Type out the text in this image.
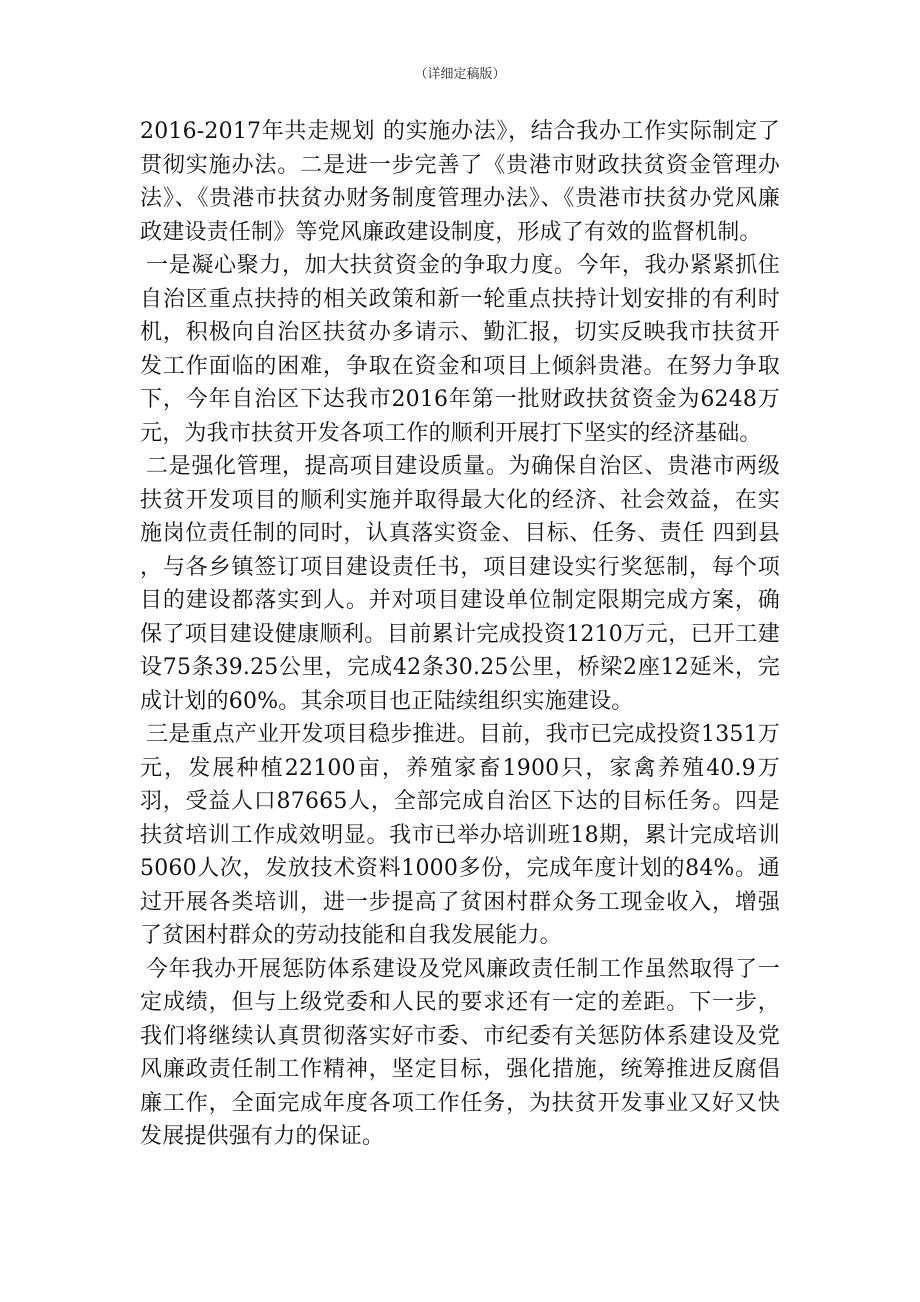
（详细定稿版）

2016-2017年共走规划 的实施办法》，结合我办工作实际制定了贯彻实施办法。二是进一步完善了《贵港市财政扶贫资金管理办法》、《贵港市扶贫办财务制度管理办法》、《贵港市扶贫办党风廉政建设责任制》等党风廉政建设制度，形成了有效的监督机制。

一是凝心聚力，加大扶贫资金的争取力度。今年，我办紧紧抓住自治区重点扶持的相关政策和新一轮重点扶持计划安排的有利时机，积极向自治区扶贫办多请示、勤汇报，切实反映我市扶贫开发工作面临的困难，争取在资金和项目上倾斜贵港。在努力争取下，今年自治区下达我市2016年第一批财政扶贫资金为6248万元，为我市扶贫开发各项工作的顺利开展打下坚实的经济基础。

二是强化管理，提高项目建设质量。为确保自治区、贵港市两级扶贫开发项目的顺利实施并取得最大化的经济、社会效益，在实施岗位责任制的同时，认真落实资金、目标、任务、责任 四到县 ，与各乡镇签订项目建设责任书，项目建设实行奖惩制，每个项目的建设都落实到人。并对项目建设单位制定限期完成方案，确保了项目建设健康顺利。目前累计完成投资1210万元，已开工建设75条39.25公里，完成42条30.25公里，桥梁2座12延米，完成计划的60%。其余项目也正陆续组织实施建设。

三是重点产业开发项目稳步推进。目前，我市已完成投资1351万元，发展种植22100亩，养殖家畜1900只，家禽养殖40.9万羽，受益人口87665人，全部完成自治区下达的目标任务。四是扶贫培训工作成效明显。我市已举办培训班18期，累计完成培训5060人次，发放技术资料1000多份，完成年度计划的84%。通过开展各类培训，进一步提高了贫困村群众务工现金收入，增强了贫困村群众的劳动技能和自我发展能力。

今年我办开展惩防体系建设及党风廉政责任制工作虽然取得了一定成绩，但与上级党委和人民的要求还有一定的差距。下一步，我们将继续认真贯彻落实好市委、市纪委有关惩防体系建设及党风廉政责任制工作精神，坚定目标，强化措施，统筹推进反腐倡廉工作，全面完成年度各项工作任务，为扶贫开发事业又好又快发展提供强有力的保证。
